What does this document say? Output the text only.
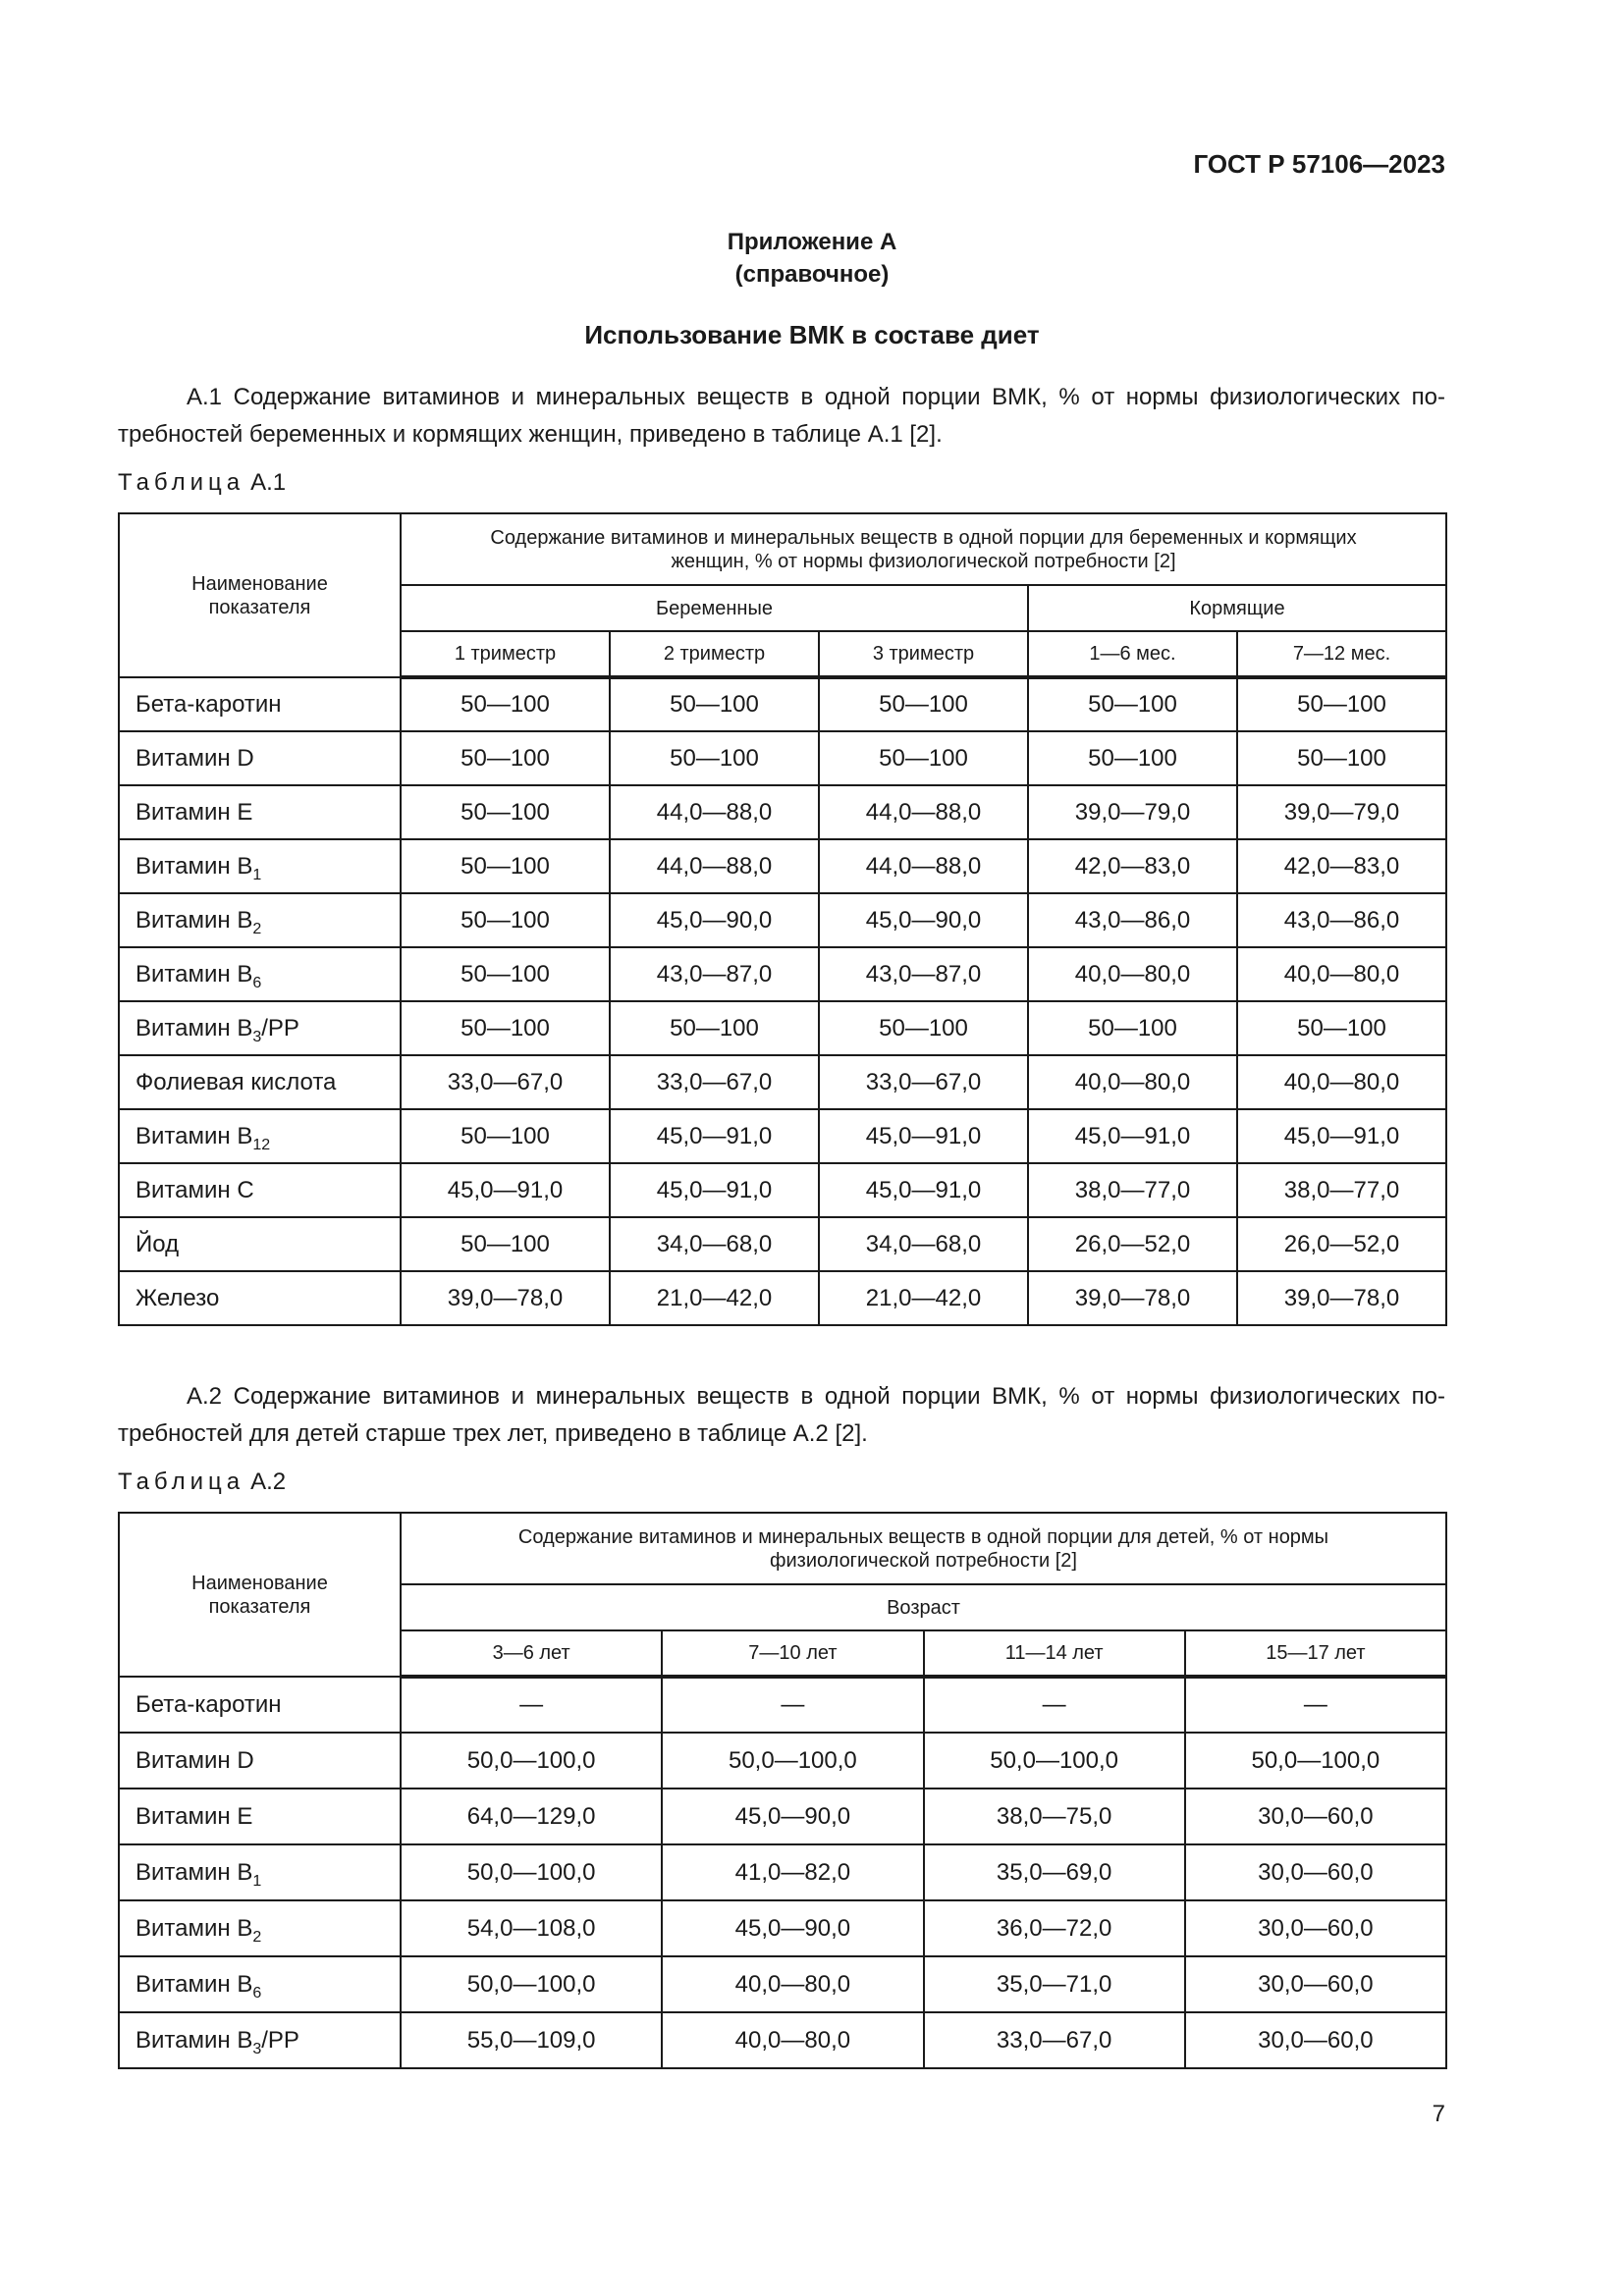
ГОСТ Р 57106—2023
Приложение А
(справочное)
Использование ВМК в составе диет
А.1 Содержание витаминов и минеральных веществ в одной порции ВМК, % от нормы физиологических по-
требностей беременных и кормящих женщин, приведено в таблице А.1 [2].
Таблица А.1
Наименование показателя	Содержание витаминов и минеральных веществ в одной порции для беременных и кормящих женщин, % от нормы физиологической потребности [2]				
	Беременные			Кормящие	
	1 триместр	2 триместр	3 триместр	1—6 мес.	7—12 мес.
Бета-каротин	50—100	50—100	50—100	50—100	50—100
Витамин D	50—100	50—100	50—100	50—100	50—100
Витамин Е	50—100	44,0—88,0	44,0—88,0	39,0—79,0	39,0—79,0
Витамин $В_1$	50—100	44,0—88,0	44,0—88,0	42,0—83,0	42,0—83,0
Витамин $В_2$	50—100	45,0—90,0	45,0—90,0	43,0—86,0	43,0—86,0
Витамин $В_6$	50—100	43,0—87,0	43,0—87,0	40,0—80,0	40,0—80,0
Витамин $В_3/PP$	50—100	50—100	50—100	50—100	50—100
Фолиевая кислота	33,0—67,0	33,0—67,0	33,0—67,0	40,0—80,0	40,0—80,0
Витамин $В_{12}$	50—100	45,0—91,0	45,0—91,0	45,0—91,0	45,0—91,0
Витамин С	45,0—91,0	45,0—91,0	45,0—91,0	38,0—77,0	38,0—77,0
Йод	50—100	34,0—68,0	34,0—68,0	26,0—52,0	26,0—52,0
Железо	39,0—78,0	21,0—42,0	21,0—42,0	39,0—78,0	39,0—78,0
А.2 Содержание витаминов и минеральных веществ в одной порции ВМК, % от нормы физиологических по-
требностей для детей старше трех лет, приведено в таблице А.2 [2].
Таблица А.2
Наименование показателя	Содержание витаминов и минеральных веществ в одной порции для детей, % от нормы физиологической потребности [2]			
	Возраст			
	3—6 лет	7—10 лет	11—14 лет	15—17 лет
Бета-каротин	—	—	—	—
Витамин D	50,0—100,0	50,0—100,0	50,0—100,0	50,0—100,0
Витамин Е	64,0—129,0	45,0—90,0	38,0—75,0	30,0—60,0
Витамин $В_1$	50,0—100,0	41,0—82,0	35,0—69,0	30,0—60,0
Витамин $В_2$	54,0—108,0	45,0—90,0	36,0—72,0	30,0—60,0
Витамин $В_6$	50,0—100,0	40,0—80,0	35,0—71,0	30,0—60,0
Витамин $В_3/PP$	55,0—109,0	40,0—80,0	33,0—67,0	30,0—60,0
7
